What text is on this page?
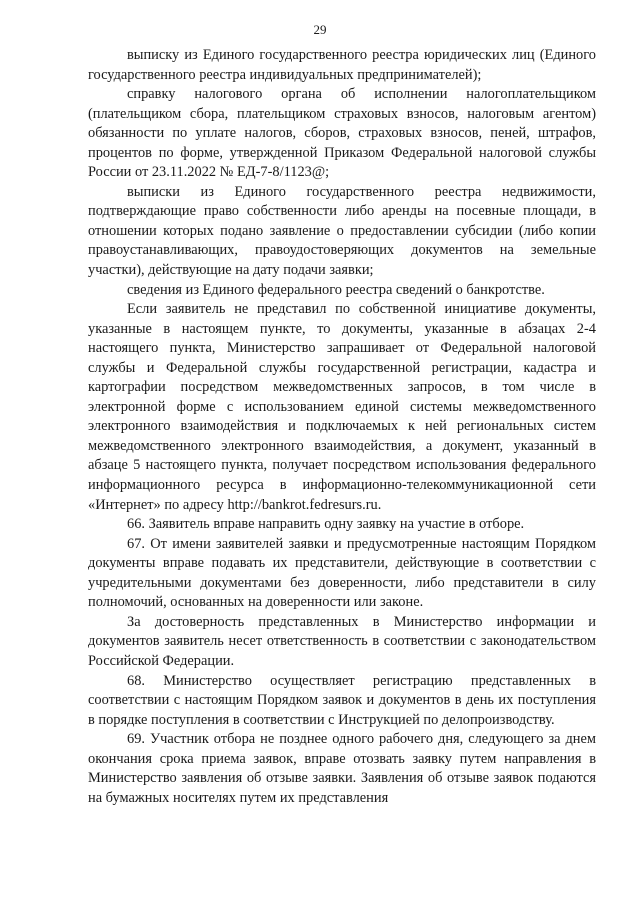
29

выписку из Единого государственного реестра юридических лиц (Единого государственного реестра индивидуальных предпринимателей);

справку налогового органа об исполнении налогоплательщиком (плательщиком сбора, плательщиком страховых взносов, налоговым агентом) обязанности по уплате налогов, сборов, страховых взносов, пеней, штрафов, процентов по форме, утвержденной Приказом Федеральной налоговой службы России от 23.11.2022 № ЕД-7-8/1123@;

выписки из Единого государственного реестра недвижимости, подтверждающие право собственности либо аренды на посевные площади, в отношении которых подано заявление о предоставлении субсидии (либо копии правоустанавливающих, правоудостоверяющих документов на земельные участки), действующие на дату подачи заявки;

сведения из Единого федерального реестра сведений о банкротстве.

Если заявитель не представил по собственной инициативе документы, указанные в настоящем пункте, то документы, указанные в абзацах 2-4 настоящего пункта, Министерство запрашивает от Федеральной налоговой службы и Федеральной службы государственной регистрации, кадастра и картографии посредством межведомственных запросов, в том числе в электронной форме с использованием единой системы межведомственного электронного взаимодействия и подключаемых к ней региональных систем межведомственного электронного взаимодействия, а документ, указанный в абзаце 5 настоящего пункта, получает посредством использования федерального информационного ресурса в информационно-телекоммуникационной сети «Интернет» по адресу http://bankrot.fedresurs.ru.

66. Заявитель вправе направить одну заявку на участие в отборе.

67. От имени заявителей заявки и предусмотренные настоящим Порядком документы вправе подавать их представители, действующие в соответствии с учредительными документами без доверенности, либо представители в силу полномочий, основанных на доверенности или законе.

За достоверность представленных в Министерство информации и документов заявитель несет ответственность в соответствии с законодательством Российской Федерации.

68. Министерство осуществляет регистрацию представленных в соответствии с настоящим Порядком заявок и документов в день их поступления в порядке поступления в соответствии с Инструкцией по делопроизводству.

69. Участник отбора не позднее одного рабочего дня, следующего за днем окончания срока приема заявок, вправе отозвать заявку путем направления в Министерство заявления об отзыве заявки. Заявления об отзыве заявок подаются на бумажных носителях путем их представления
